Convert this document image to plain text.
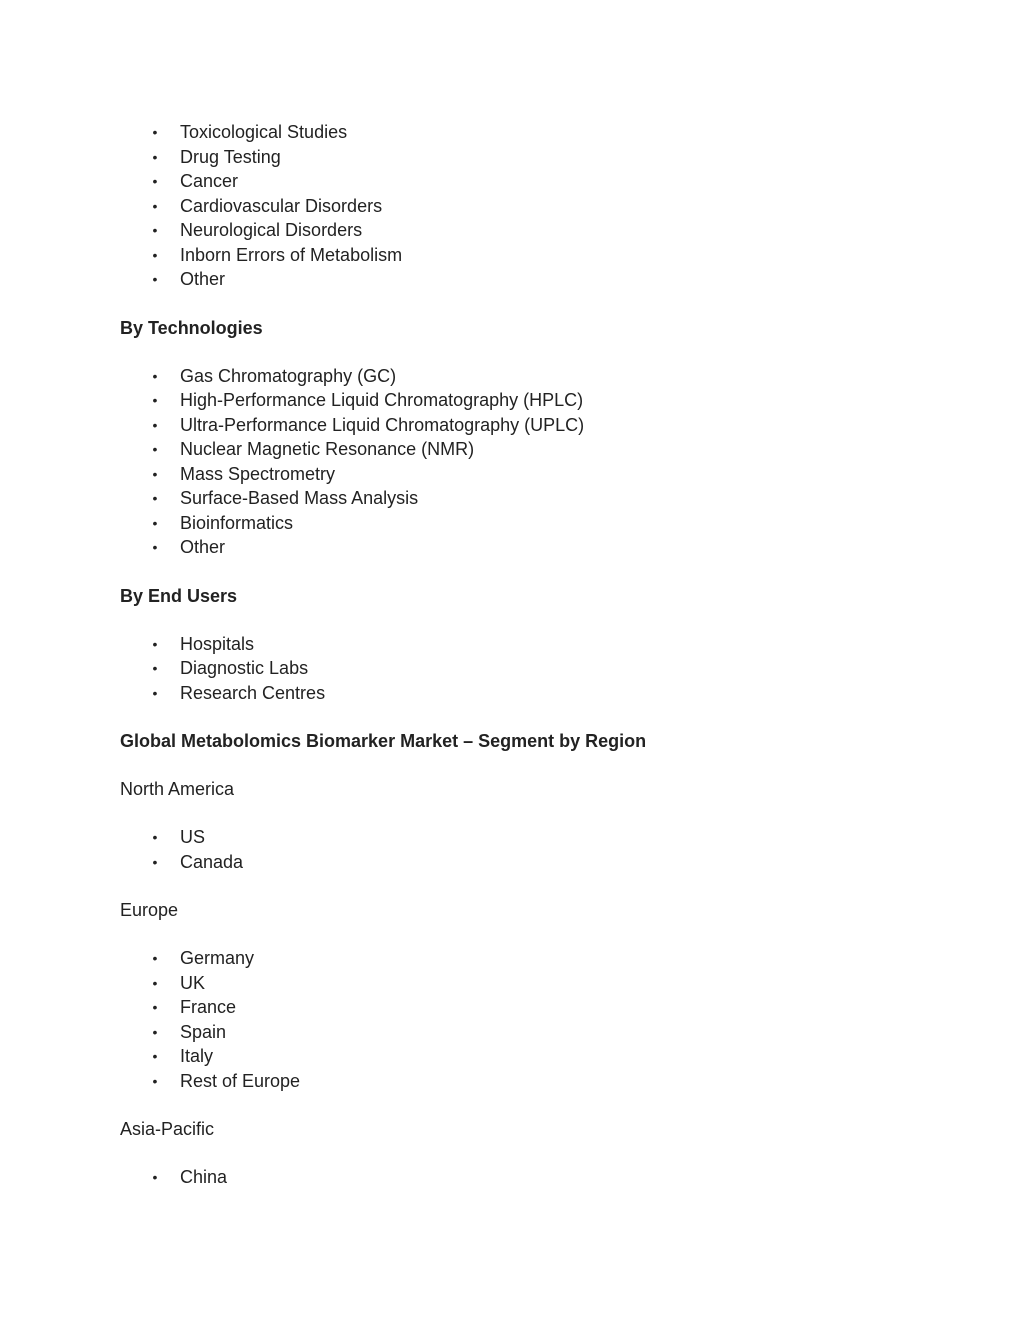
• Toxicological Studies
• Drug Testing
• Cancer
• Cardiovascular Disorders
• Neurological Disorders
• Inborn Errors of Metabolism
• Other

By Technologies

• Gas Chromatography (GC)
• High-Performance Liquid Chromatography (HPLC)
• Ultra-Performance Liquid Chromatography (UPLC)
• Nuclear Magnetic Resonance (NMR)
• Mass Spectrometry
• Surface-Based Mass Analysis
• Bioinformatics
• Other

By End Users

• Hospitals
• Diagnostic Labs
• Research Centres

Global Metabolomics Biomarker Market – Segment by Region

North America

• US
• Canada

Europe

• Germany
• UK
• France
• Spain
• Italy
• Rest of Europe

Asia-Pacific

• China
